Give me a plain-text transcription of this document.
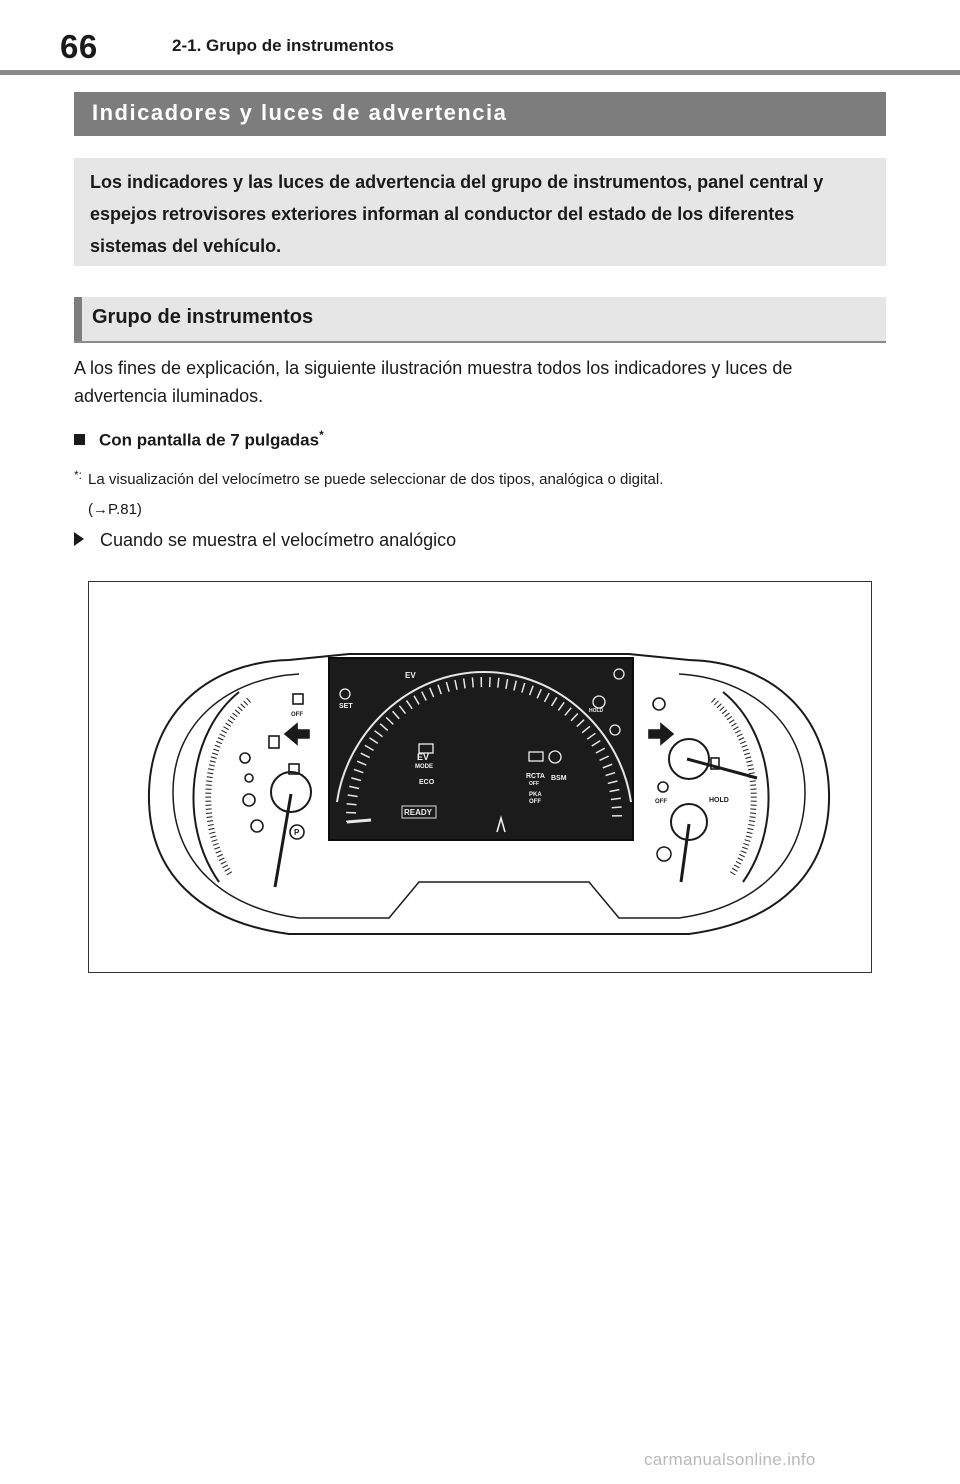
66	2-1. Grupo de instrumentos
Indicadores y luces de advertencia

Los indicadores y las luces de advertencia del grupo de instrumentos, panel central y espejos retrovisores exteriores informan al conductor del estado de los diferentes sistemas del vehículo.

Grupo de instrumentos

A los fines de explicación, la siguiente ilustración muestra todos los indicadores y luces de advertencia iluminados.

Con pantalla de 7 pulgadas*
*: La visualización del velocímetro se puede seleccionar de dos tipos, analógica o digital.
(→P.81)
Cuando se muestra el velocímetro analógico
EV
SET
EV
MODE
ECO
RCTA
OFF
BSM
PKA
OFF
HOLD
READY
OFF
P
OFF	HOLD
carmanualsonline.info
